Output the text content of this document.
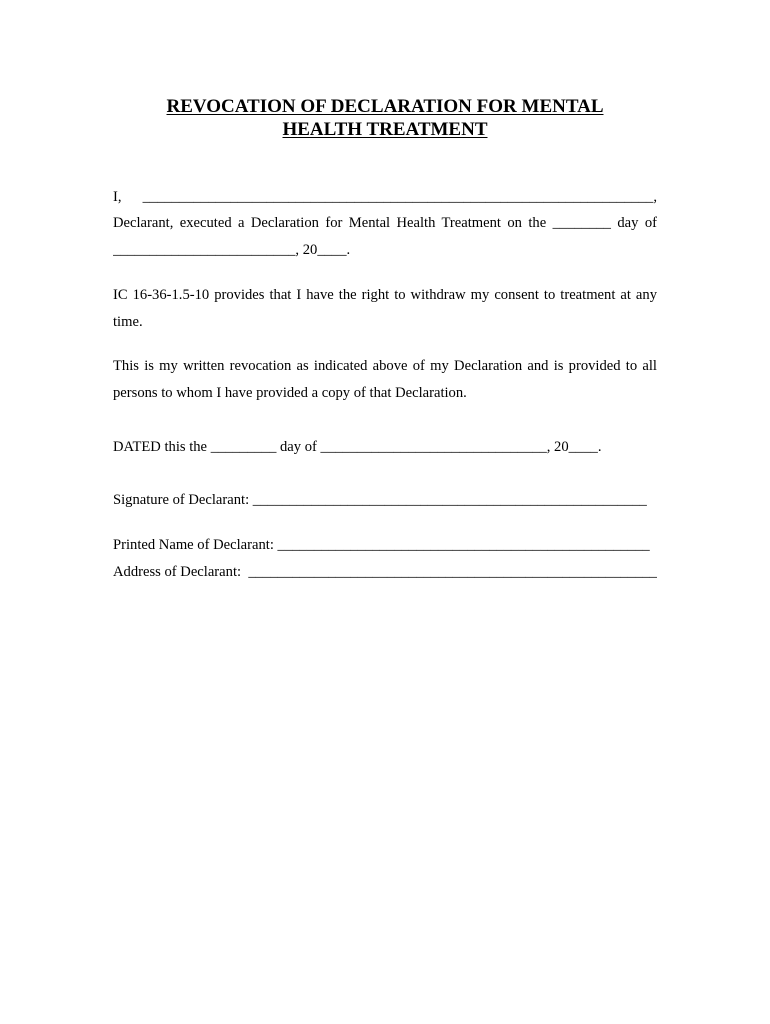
REVOCATION OF DECLARATION FOR MENTAL
HEALTH TREATMENT
I, ______________________________________________________________________,
Declarant, executed a Declaration for Mental Health Treatment on the ________ day of
_________________________, 20____.
IC 16-36-1.5-10 provides that I have the right to withdraw my consent to treatment at any
time.
This is my written revocation as indicated above of my Declaration and is provided to all
persons to whom I have provided a copy of that Declaration.
DATED this the _________ day of _______________________________, 20____.
Signature of Declarant: ______________________________________________________
Printed Name of Declarant: ___________________________________________________
Address of Declarant:  ________________________________________________________
